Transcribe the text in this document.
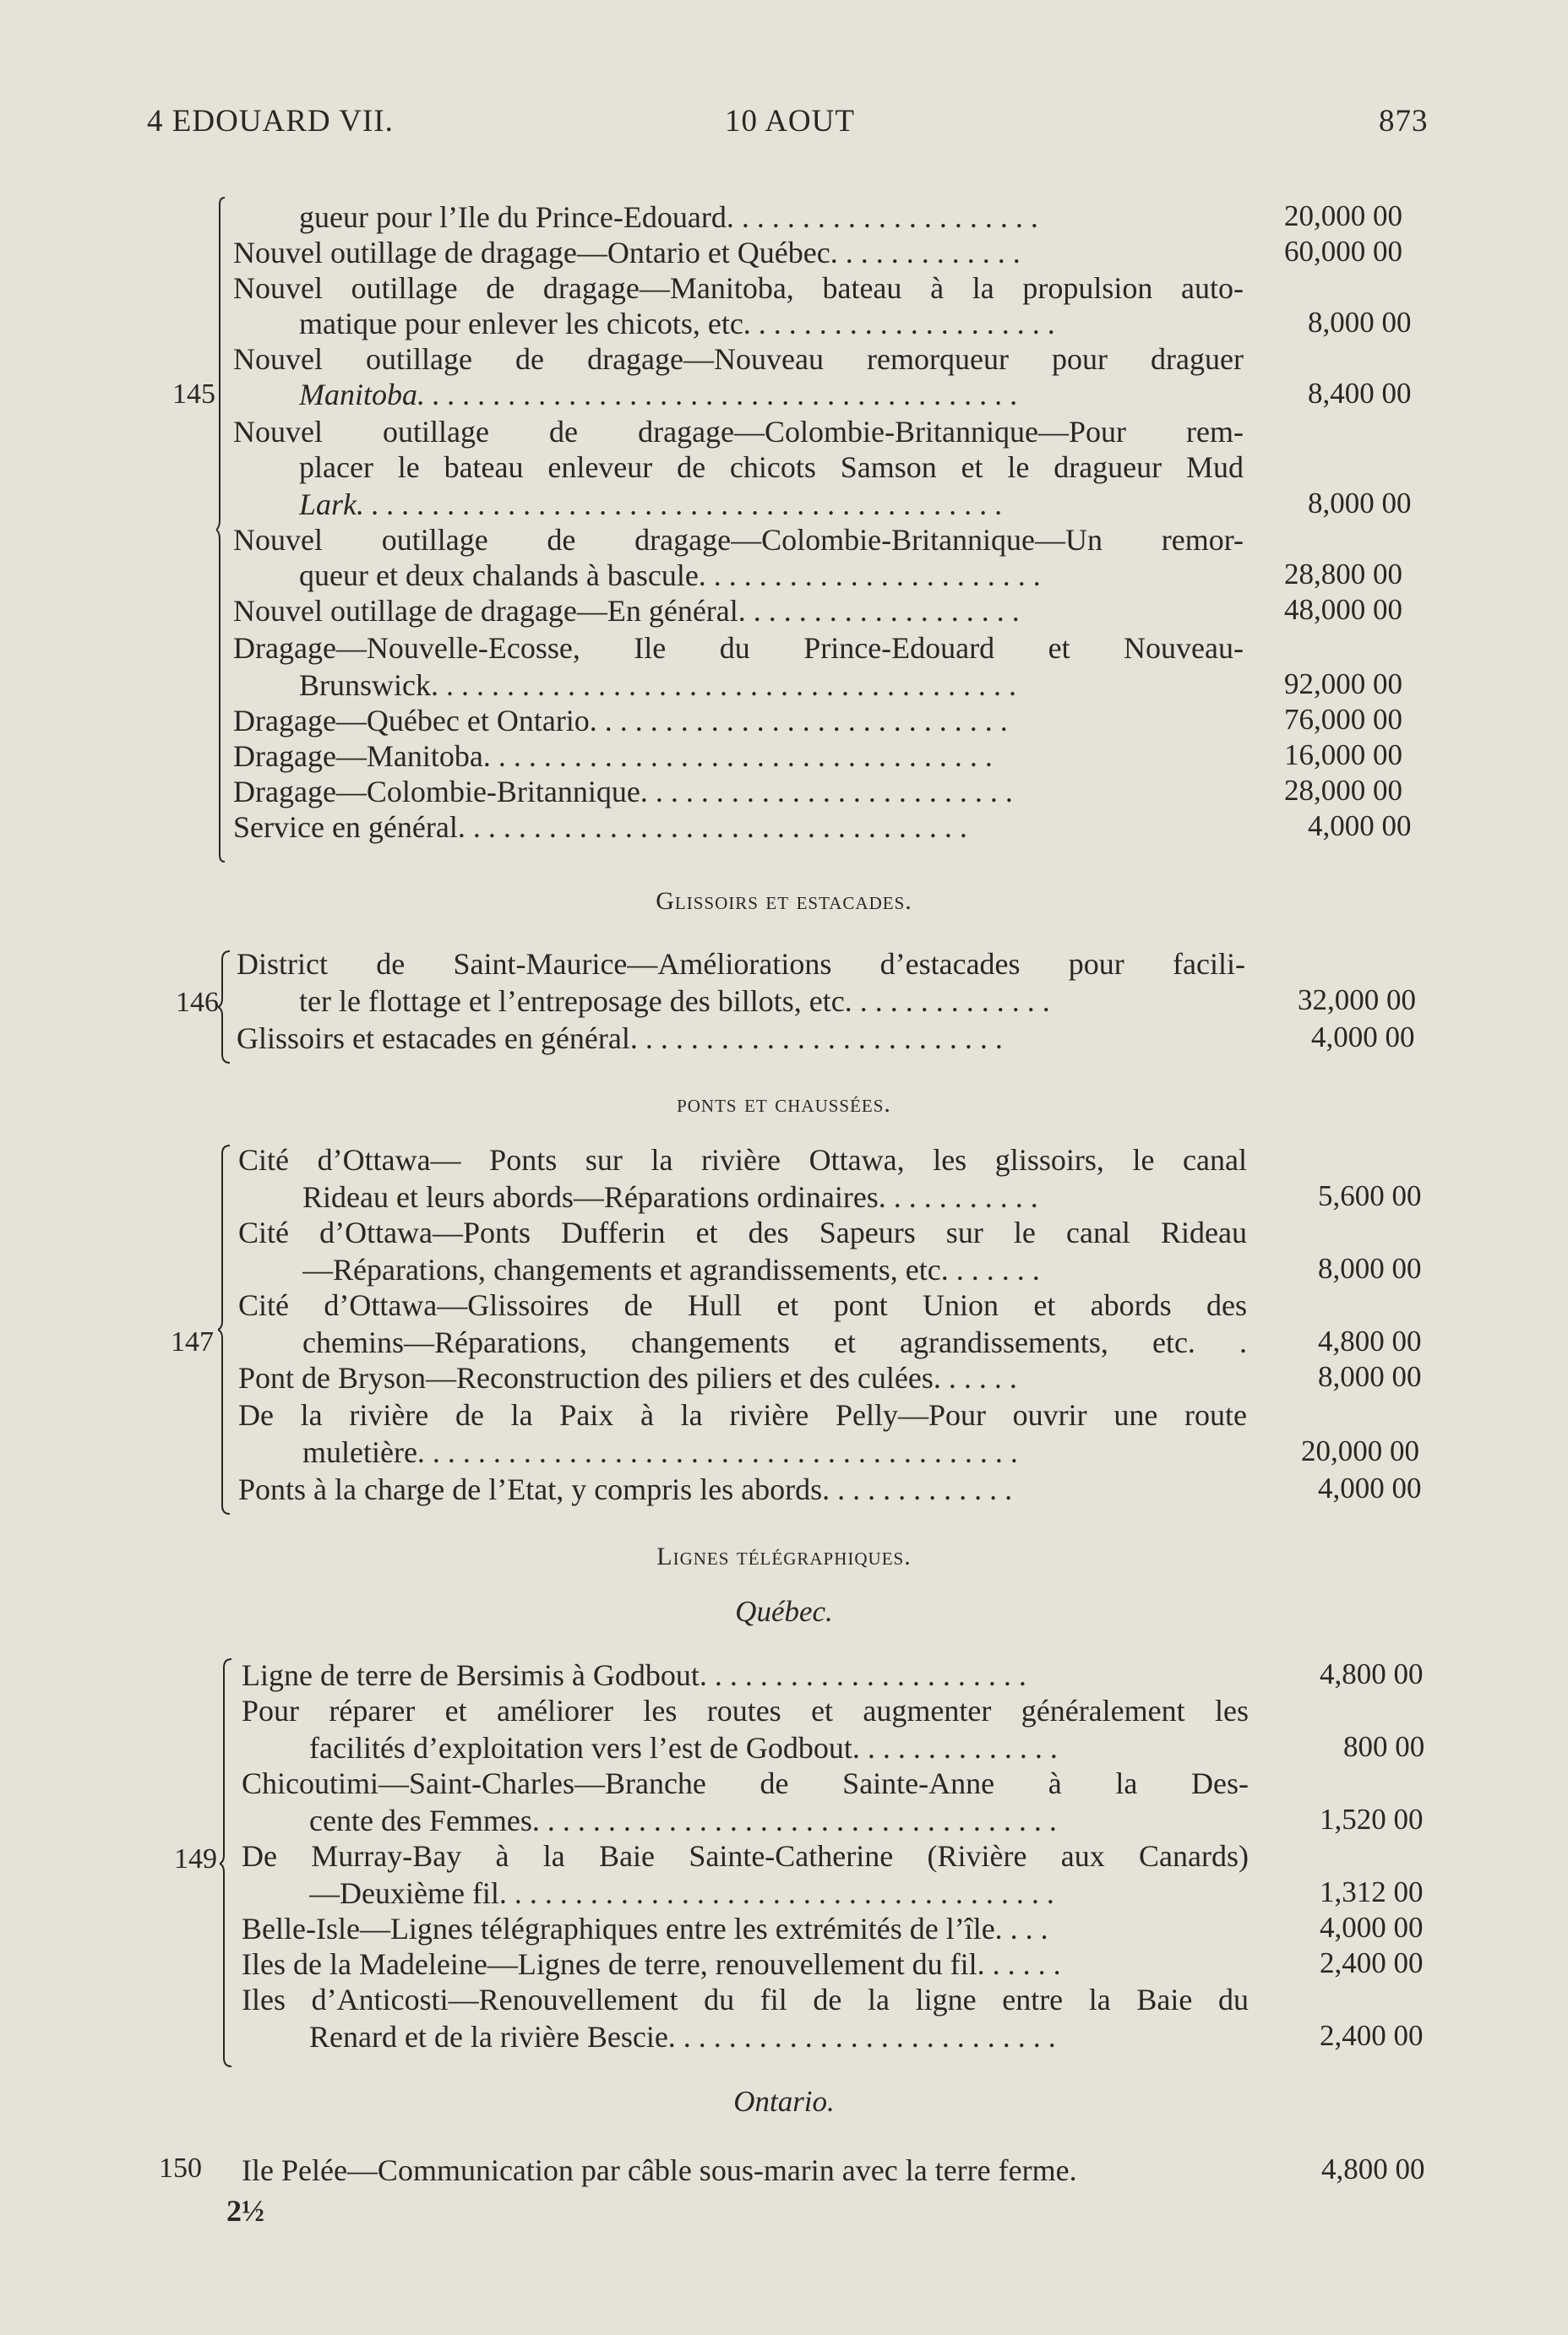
4 EDOUARD VII.	10 AOUT	873
145
gueur pour l’Ile du Prince-Edouard. . . . . . . . . . . . . . . . . . . . .	20,000 00
Nouvel outillage de dragage—Ontario et Québec. . . . . . . . . . . . .	60,000 00
Nouvel outillage de dragage—Manitoba, bateau à la propulsion auto-
matique pour enlever les chicots, etc. . . . . . . . . . . . . . . . . . . . .	8,000 00
Nouvel outillage de dragage—Nouveau remorqueur pour draguer
Manitoba. . . . . . . . . . . . . . . . . . . . . . . . . . . . . . . . . . . . . . . .	8,400 00
Nouvel outillage de dragage—Colombie-Britannique—Pour rem-
placer le bateau enleveur de chicots Samson et le dragueur Mud
Lark. . . . . . . . . . . . . . . . . . . . . . . . . . . . . . . . . . . . . . . . . . .	8,000 00
Nouvel outillage de dragage—Colombie-Britannique—Un remor-
queur et deux chalands à bascule. . . . . . . . . . . . . . . . . . . . . . .	28,800 00
Nouvel outillage de dragage—En général. . . . . . . . . . . . . . . . . . .	48,000 00
Dragage—Nouvelle-Ecosse, Ile du Prince-Edouard et Nouveau-
Brunswick. . . . . . . . . . . . . . . . . . . . . . . . . . . . . . . . . . . . . . .	92,000 00
Dragage—Québec et Ontario. . . . . . . . . . . . . . . . . . . . . . . . . . . .	76,000 00
Dragage—Manitoba. . . . . . . . . . . . . . . . . . . . . . . . . . . . . . . . . .	16,000 00
Dragage—Colombie-Britannique. . . . . . . . . . . . . . . . . . . . . . . . .	28,000 00
Service en général. . . . . . . . . . . . . . . . . . . . . . . . . . . . . . . . . .	4,000 00
Glissoirs et estacades.
146
District de Saint-Maurice—Améliorations d’estacades pour facili-
ter le flottage et l’entreposage des billots, etc. . . . . . . . . . . . . .	32,000 00
Glissoirs et estacades en général. . . . . . . . . . . . . . . . . . . . . . . . .	4,000 00
ponts et chaussées.
147
Cité d’Ottawa— Ponts sur la rivière Ottawa, les glissoirs, le canal
Rideau et leurs abords—Réparations ordinaires. . . . . . . . . . .	5,600 00
Cité d’Ottawa—Ponts Dufferin et des Sapeurs sur le canal Rideau
—Réparations, changements et agrandissements, etc. . . . . . .	8,000 00
Cité d’Ottawa—Glissoires de Hull et pont Union et abords des
chemins—Réparations, changements et agrandissements, etc. . 4,800 00
Pont de Bryson—Reconstruction des piliers et des culées. . . . . .	8,000 00
De la rivière de la Paix à la rivière Pelly—Pour ouvrir une route
muletière. . . . . . . . . . . . . . . . . . . . . . . . . . . . . . . . . . . . . . . .	20,000 00
Ponts à la charge de l’Etat, y compris les abords. . . . . . . . . . . . .	4,000 00
Lignes télégraphiques.
Québec.
149
Ligne de terre de Bersimis à Godbout. . . . . . . . . . . . . . . . . . . . . .	4,800 00
Pour réparer et améliorer les routes et augmenter généralement les
facilités d’exploitation vers l’est de Godbout. . . . . . . . . . . . . .	800 00
Chicoutimi—Saint-Charles—Branche de Sainte-Anne à la Des-
cente des Femmes. . . . . . . . . . . . . . . . . . . . . . . . . . . . . . . . . . .	1,520 00
De Murray-Bay à la Baie Sainte-Catherine (Rivière aux Canards)
—Deuxième fil. . . . . . . . . . . . . . . . . . . . . . . . . . . . . . . . . . . . .	1,312 00
Belle-Isle—Lignes télégraphiques entre les extrémités de l’île. . . .	4,000 00
Iles de la Madeleine—Lignes de terre, renouvellement du fil. . . . . .	2,400 00
Iles d’Anticosti—Renouvellement du fil de la ligne entre la Baie du
Renard et de la rivière Bescie. . . . . . . . . . . . . . . . . . . . . . . . . .	2,400 00
Ontario.
150 Ile Pelée—Communication par câble sous-marin avec la terre ferme.	4,800 00
2½
